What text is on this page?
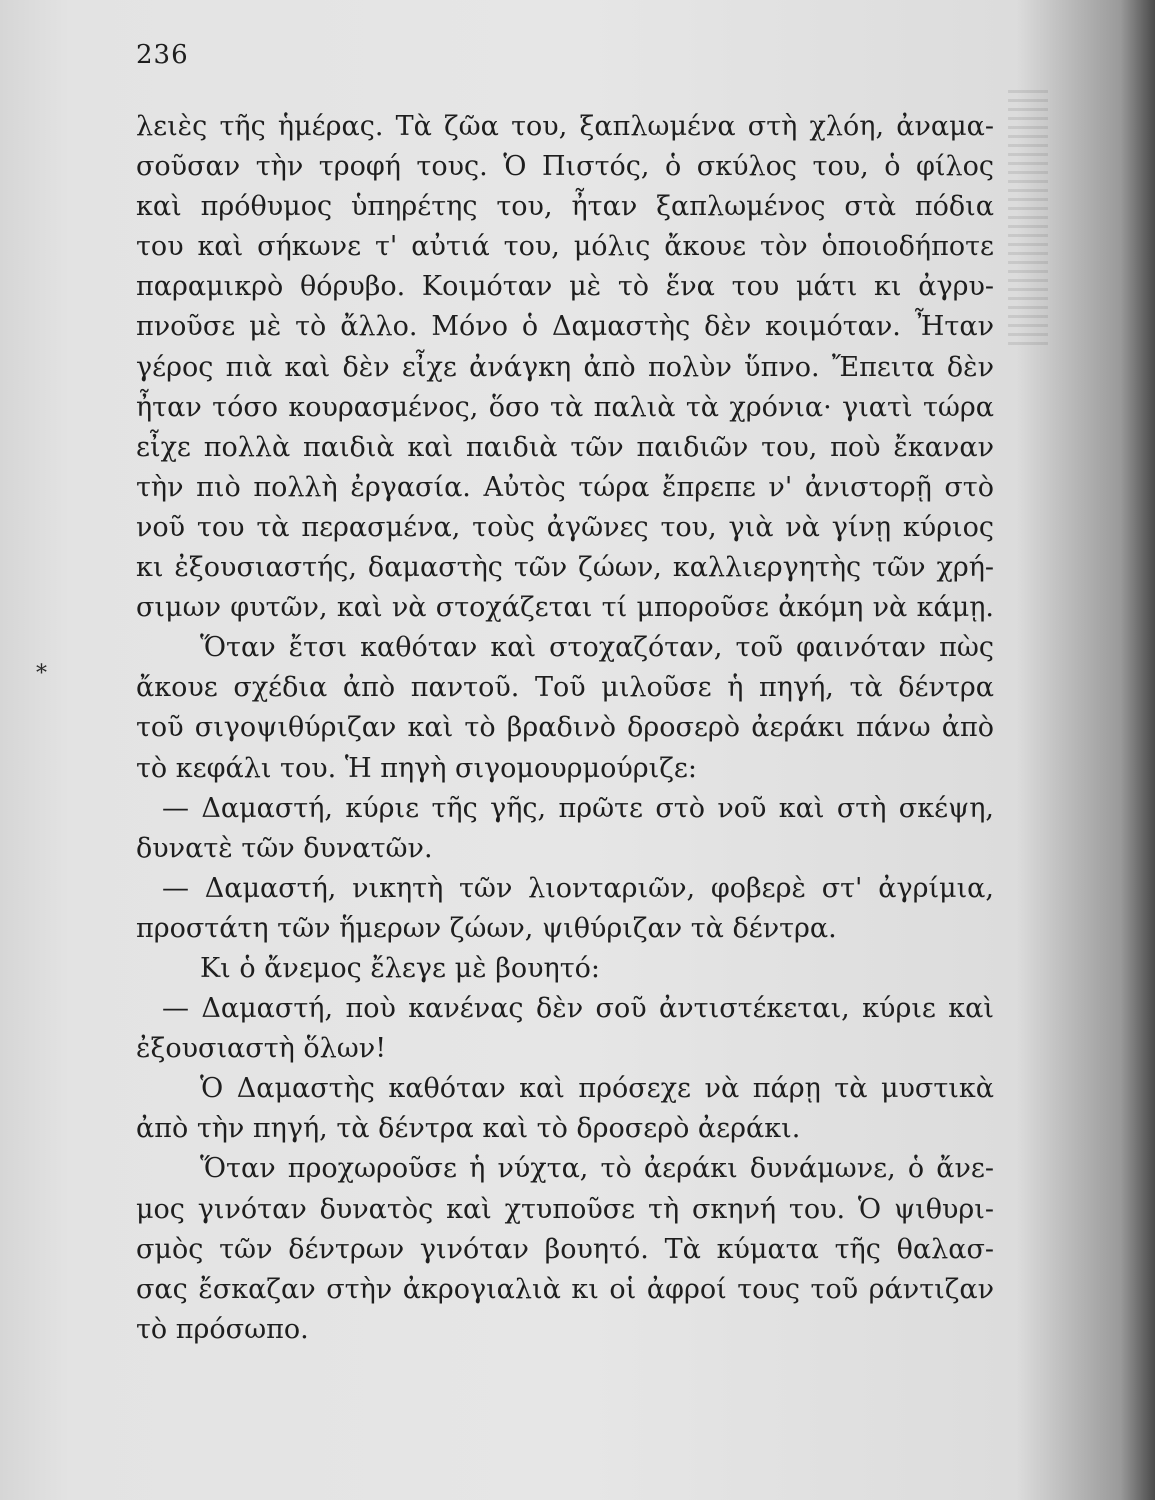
236
⁎
λειὲς τῆς ἡμέρας. Τὰ ζῶα του, ξαπλωμένα στὴ χλόη, ἀναμα-
σοῦσαν τὴν τροφή τους. Ὁ Πιστός, ὁ σκύλος του, ὁ φίλος
καὶ πρόθυμος ὑπηρέτης του, ἦταν ξαπλωμένος στὰ πόδια
του καὶ σήκωνε τ' αὐτιά του, μόλις ἄκουε τὸν ὁποιοδήποτε
παραμικρὸ θόρυβο. Κοιμόταν μὲ τὸ ἕνα του μάτι κι ἀγρυ-
πνοῦσε μὲ τὸ ἄλλο. Μόνο ὁ Δαμαστὴς δὲν κοιμόταν. Ἦταν
γέρος πιὰ καὶ δὲν εἶχε ἀνάγκη ἀπὸ πολὺν ὕπνο. Ἔπειτα δὲν
ἦταν τόσο κουρασμένος, ὅσο τὰ παλιὰ τὰ χρόνια· γιατὶ τώρα
εἶχε πολλὰ παιδιὰ καὶ παιδιὰ τῶν παιδιῶν του, ποὺ ἔκαναν
τὴν πιὸ πολλὴ ἐργασία. Αὐτὸς τώρα ἔπρεπε ν' ἀνιστορῇ στὸ
νοῦ του τὰ περασμένα, τοὺς ἀγῶνες του, γιὰ νὰ γίνῃ κύριος
κι ἐξουσιαστής, δαμαστὴς τῶν ζώων, καλλιεργητὴς τῶν χρή-
σιμων φυτῶν, καὶ νὰ στοχάζεται τί μποροῦσε ἀκόμη νὰ κάμῃ.
Ὅταν ἔτσι καθόταν καὶ στοχαζόταν, τοῦ φαινόταν πὼς
ἄκουε σχέδια ἀπὸ παντοῦ. Τοῦ μιλοῦσε ἡ πηγή, τὰ δέντρα
τοῦ σιγοψιθύριζαν καὶ τὸ βραδινὸ δροσερὸ ἀεράκι πάνω ἀπὸ
τὸ κεφάλι του. Ἡ πηγὴ σιγομουρμούριζε:
— Δαμαστή, κύριε τῆς γῆς, πρῶτε στὸ νοῦ καὶ στὴ σκέψη,
δυνατὲ τῶν δυνατῶν.
— Δαμαστή, νικητὴ τῶν λιονταριῶν, φοβερὲ στ' ἀγρίμια,
προστάτη τῶν ἥμερων ζώων, ψιθύριζαν τὰ δέντρα.
Κι ὁ ἄνεμος ἔλεγε μὲ βουητό:
— Δαμαστή, ποὺ κανένας δὲν σοῦ ἀντιστέκεται, κύριε καὶ
ἐξουσιαστὴ ὅλων!
Ὁ Δαμαστὴς καθόταν καὶ πρόσεχε νὰ πάρῃ τὰ μυστικὰ
ἀπὸ τὴν πηγή, τὰ δέντρα καὶ τὸ δροσερὸ ἀεράκι.
Ὅταν προχωροῦσε ἡ νύχτα, τὸ ἀεράκι δυνάμωνε, ὁ ἄνε-
μος γινόταν δυνατὸς καὶ χτυποῦσε τὴ σκηνή του. Ὁ ψιθυρι-
σμὸς τῶν δέντρων γινόταν βουητό. Τὰ κύματα τῆς θαλασ-
σας ἔσκαζαν στὴν ἀκρογιαλιὰ κι οἱ ἀφροί τους τοῦ ράντιζαν
τὸ πρόσωπο.
